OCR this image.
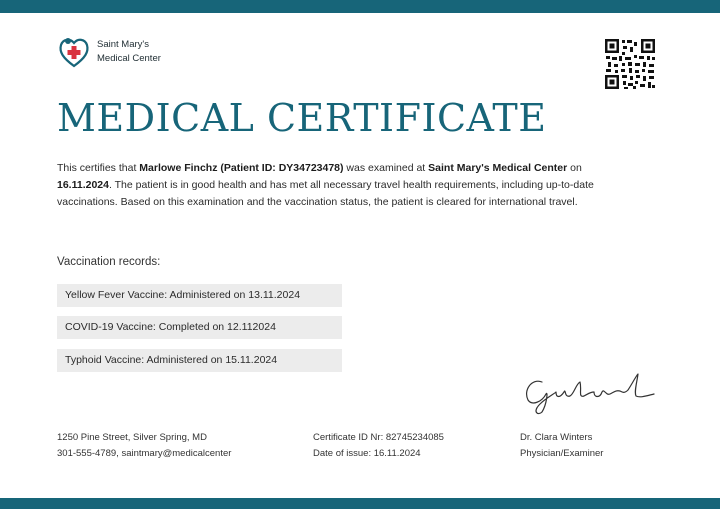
Saint Mary's
Medical Center
MEDICAL CERTIFICATE

This certifies that Marlowe Finchz (Patient ID: DY34723478) was examined at Saint Mary's Medical Center on 16.11.2024. The patient is in good health and has met all necessary travel health requirements, including up-to-date vaccinations. Based on this examination and the vaccination status, the patient is cleared for international travel.

Vaccination records:

Yellow Fever Vaccine: Administered on 13.11.2024
COVID-19 Vaccine: Completed on 12.112024
Typhoid Vaccine: Administered on 15.11.2024
1250 Pine Street, Silver Spring, MD
301-555-4789, saintmary@medicalcenter
Certificate ID Nr: 82745234085
Date of issue: 16.11.2024
Dr. Clara Winters
Physician/Examiner
